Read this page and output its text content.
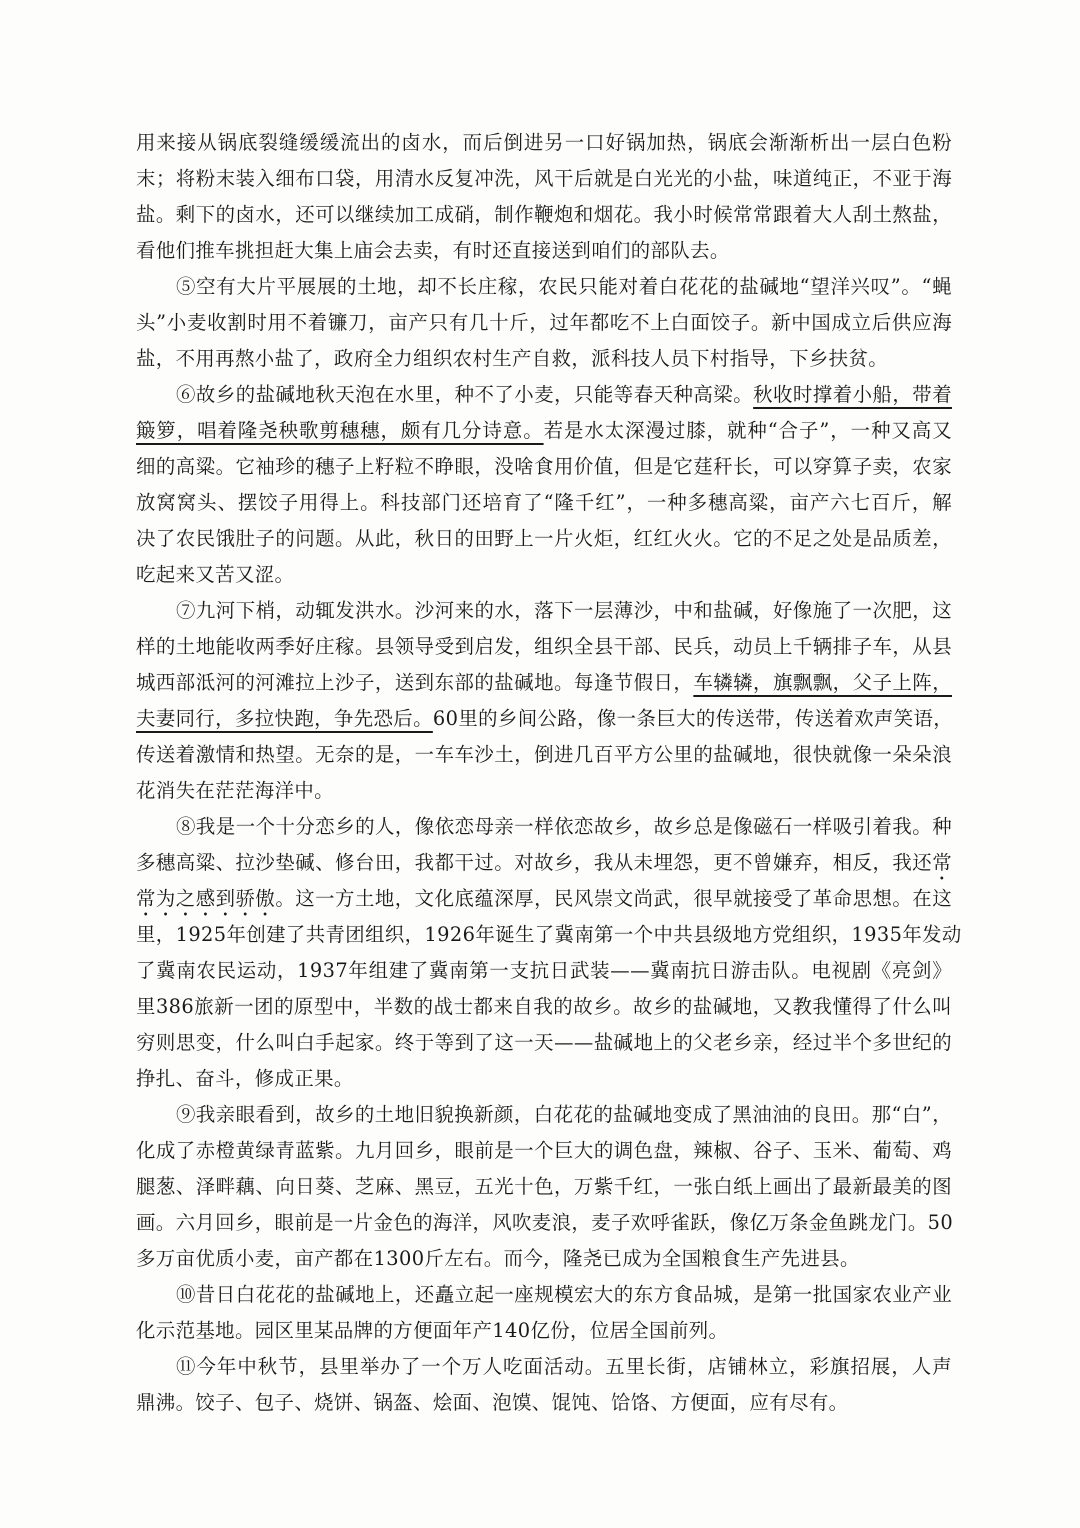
用来接从锅底裂缝缓缓流出的卤水，而后倒进另一口好锅加热，锅底会渐渐析出一层白色粉
末；将粉末装入细布口袋，用清水反复冲洗，风干后就是白光光的小盐，味道纯正，不亚于海
盐。剩下的卤水，还可以继续加工成硝，制作鞭炮和烟花。我小时候常常跟着大人刮土熬盐，
看他们推车挑担赶大集上庙会去卖，有时还直接送到咱们的部队去。
⑤空有大片平展展的土地，却不长庄稼，农民只能对着白花花的盐碱地“望洋兴叹”。“蝇
头”小麦收割时用不着镰刀，亩产只有几十斤，过年都吃不上白面饺子。新中国成立后供应海
盐，不用再熬小盐了，政府全力组织农村生产自救，派科技人员下村指导，下乡扶贫。
⑥故乡的盐碱地秋天泡在水里，种不了小麦，只能等春天种高梁。秋收时撑着小船，带着
簸箩，唱着隆尧秧歌剪穗穗，颇有几分诗意。若是水太深漫过膝，就种“合子”，一种又高又
细的高粱。它袖珍的穗子上籽粒不睁眼，没啥食用价值，但是它莛秆长，可以穿算子卖，农家
放窝窝头、摆饺子用得上。科技部门还培育了“隆千红”，一种多穗高粱，亩产六七百斤，解
决了农民饿肚子的问题。从此，秋日的田野上一片火炬，红红火火。它的不足之处是品质差，
吃起来又苦又涩。
⑦九河下梢，动辄发洪水。沙河来的水，落下一层薄沙，中和盐碱，好像施了一次肥，这
样的土地能收两季好庄稼。县领导受到启发，组织全县干部、民兵，动员上千辆排子车，从县
城西部泜河的河滩拉上沙子，送到东部的盐碱地。每逢节假日，车辚辚，旗飘飘，父子上阵，
夫妻同行，多拉快跑，争先恐后。60里的乡间公路，像一条巨大的传送带，传送着欢声笑语，
传送着激情和热望。无奈的是，一车车沙土，倒进几百平方公里的盐碱地，很快就像一朵朵浪
花消失在茫茫海洋中。
⑧我是一个十分恋乡的人，像依恋母亲一样依恋故乡，故乡总是像磁石一样吸引着我。种
多穗高粱、拉沙垫碱、修台田，我都干过。对故乡，我从未埋怨，更不曾嫌弃，相反，我还常
常为之感到骄傲。这一方土地，文化底蕴深厚，民风崇文尚武，很早就接受了革命思想。在这
里，1925年创建了共青团组织，1926年诞生了冀南第一个中共县级地方党组织，1935年发动
了冀南农民运动，1937年组建了冀南第一支抗日武装——冀南抗日游击队。电视剧《亮剑》
里386旅新一团的原型中，半数的战士都来自我的故乡。故乡的盐碱地，又教我懂得了什么叫
穷则思变，什么叫白手起家。终于等到了这一天——盐碱地上的父老乡亲，经过半个多世纪的
挣扎、奋斗，修成正果。
⑨我亲眼看到，故乡的土地旧貌换新颜，白花花的盐碱地变成了黑油油的良田。那“白”，
化成了赤橙黄绿青蓝紫。九月回乡，眼前是一个巨大的调色盘，辣椒、谷子、玉米、葡萄、鸡
腿葱、泽畔藕、向日葵、芝麻、黑豆，五光十色，万紫千红，一张白纸上画出了最新最美的图
画。六月回乡，眼前是一片金色的海洋，风吹麦浪，麦子欢呼雀跃，像亿万条金鱼跳龙门。50
多万亩优质小麦，亩产都在1300斤左右。而今，隆尧已成为全国粮食生产先进县。
⑩昔日白花花的盐碱地上，还矗立起一座规模宏大的东方食品城，是第一批国家农业产业
化示范基地。园区里某品牌的方便面年产140亿份，位居全国前列。
⑪今年中秋节，县里举办了一个万人吃面活动。五里长街，店铺林立，彩旗招展，人声
鼎沸。饺子、包子、烧饼、锅盔、烩面、泡馍、馄饨、饸饹、方便面，应有尽有。
